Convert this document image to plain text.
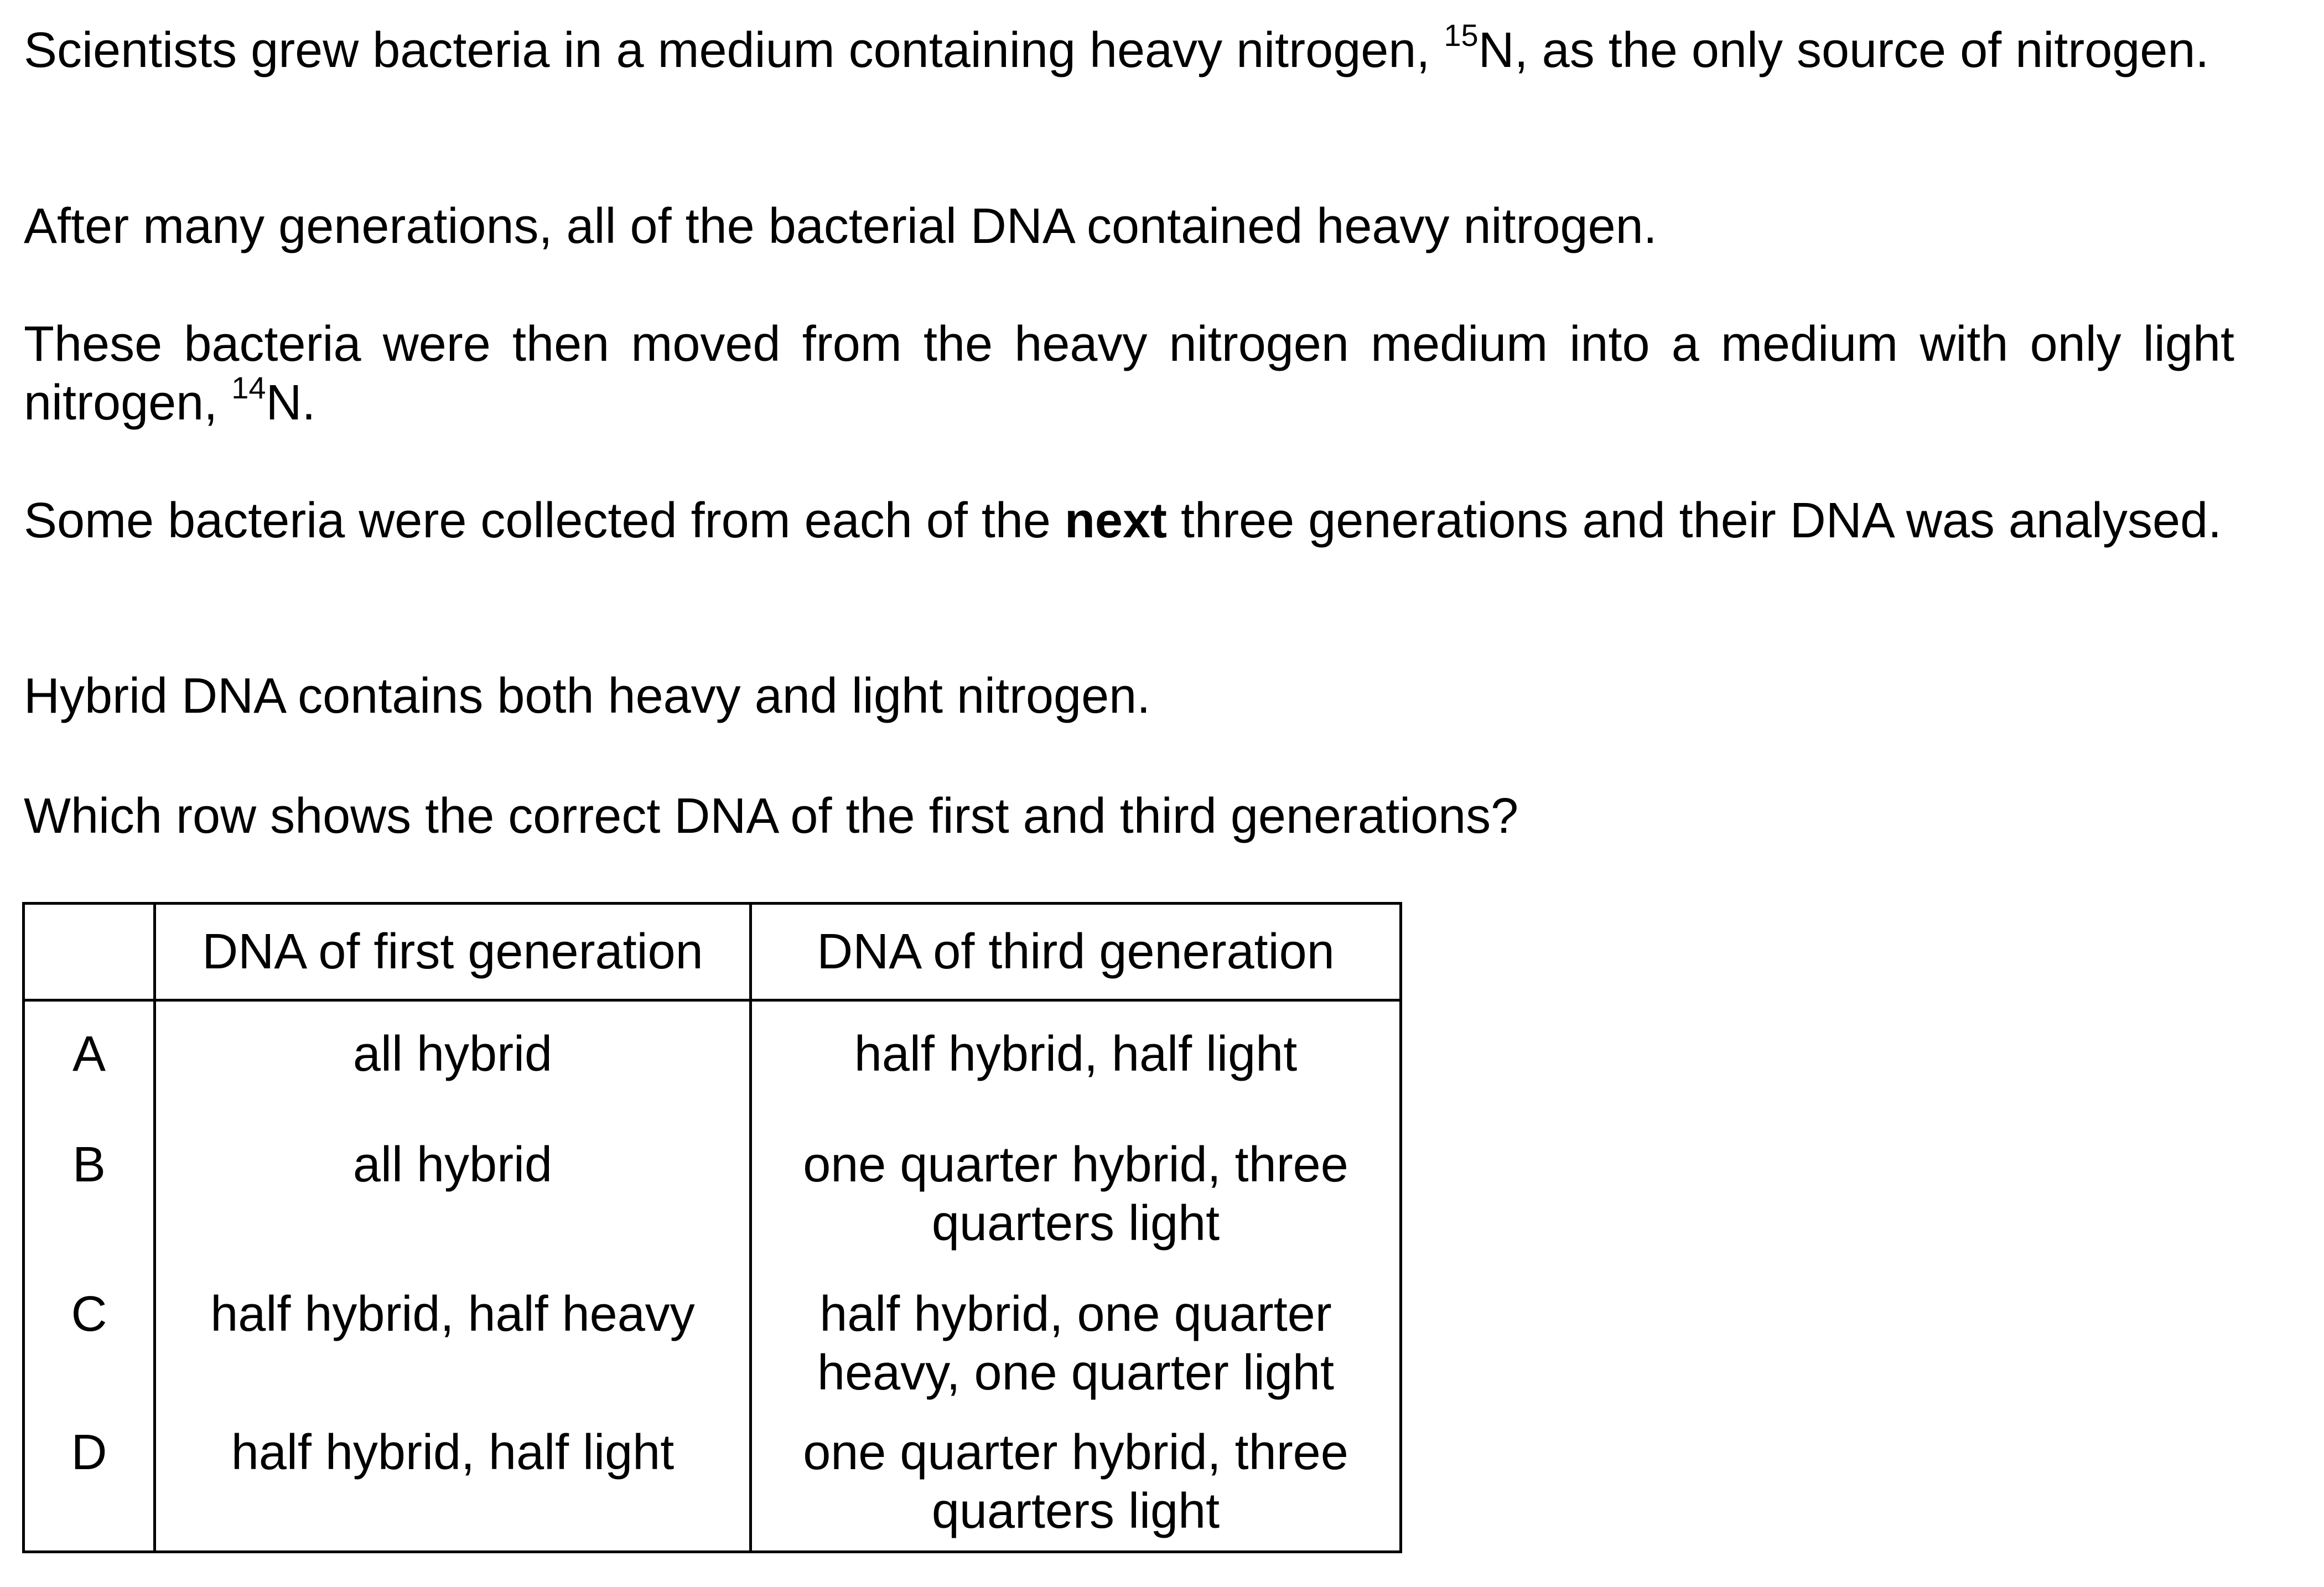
Scientists grew bacteria in a medium containing heavy nitrogen, $^{15}$N, as the only source of nitrogen.

After many generations, all of the bacterial DNA contained heavy nitrogen.

These bacteria were then moved from the heavy nitrogen medium into a medium with only light nitrogen, $^{14}$N.

Some bacteria were collected from each of the next three generations and their DNA was analysed.

Hybrid DNA contains both heavy and light nitrogen.

Which row shows the correct DNA of the first and third generations?

	DNA of first generation	DNA of third generation
A	all hybrid	half hybrid, half light

B	all hybrid	one quarter hybrid, three quarters light

C	half hybrid, half heavy	half hybrid, one quarter heavy, one quarter light

D	half hybrid, half light	one quarter hybrid, three quarters light
